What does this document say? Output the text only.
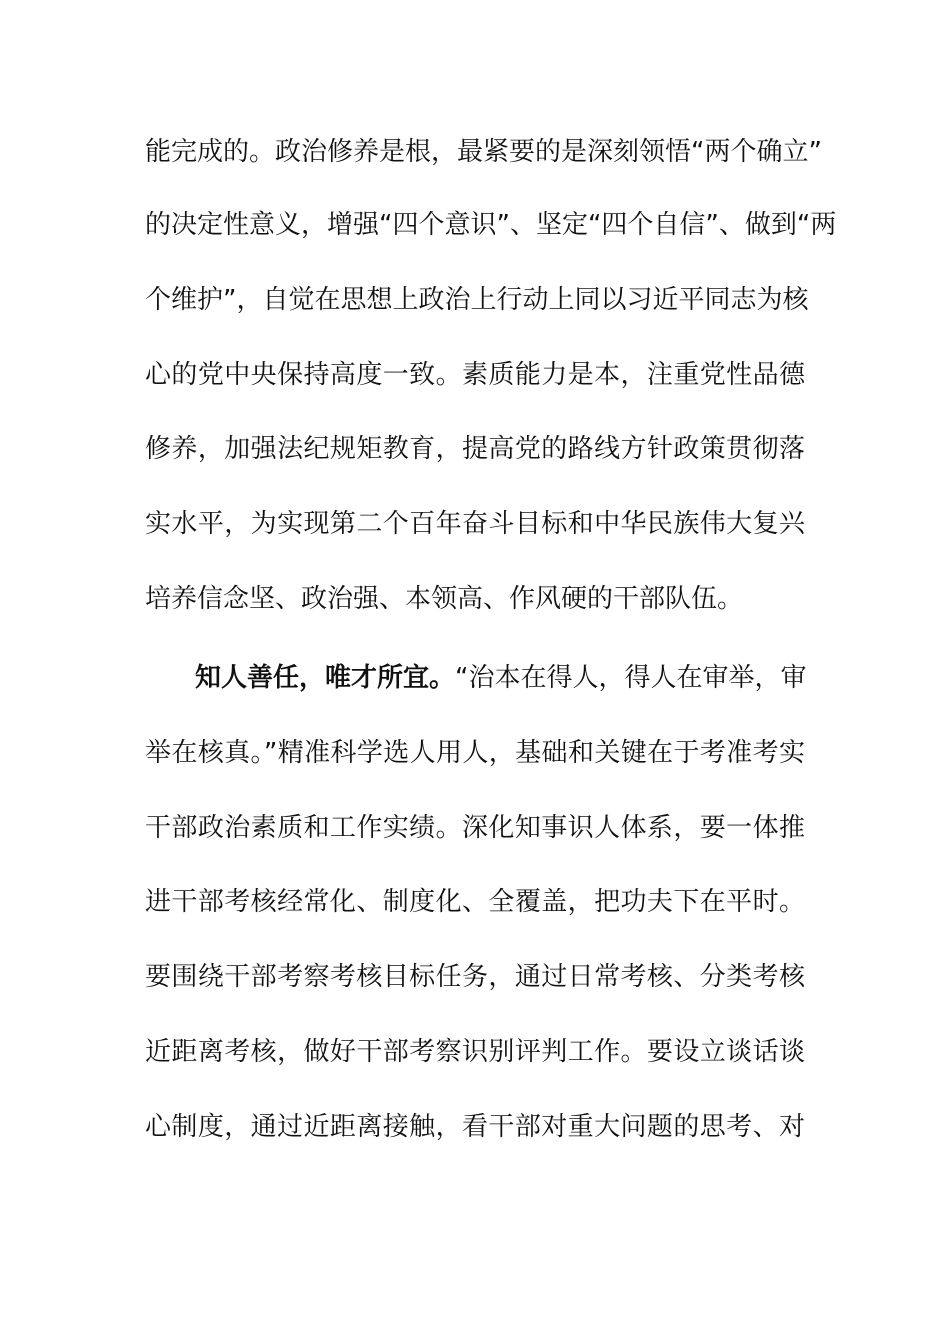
能完成的。政治修养是根，最紧要的是深刻领悟“两个确立”

的决定性意义，增强“四个意识”、坚定“四个自信”、做到“两

个维护”，自觉在思想上政治上行动上同以习近平同志为核

心的党中央保持高度一致。素质能力是本，注重党性品德

修养，加强法纪规矩教育，提高党的路线方针政策贯彻落

实水平，为实现第二个百年奋斗目标和中华民族伟大复兴

培养信念坚、政治强、本领高、作风硬的干部队伍。

知人善任，唯才所宜。“治本在得人，得人在审举，审

举在核真。”精准科学选人用人，基础和关键在于考准考实

干部政治素质和工作实绩。深化知事识人体系，要一体推

进干部考核经常化、制度化、全覆盖，把功夫下在平时。

要围绕干部考察考核目标任务，通过日常考核、分类考核

近距离考核，做好干部考察识别评判工作。要设立谈话谈

心制度，通过近距离接触，看干部对重大问题的思考、对
